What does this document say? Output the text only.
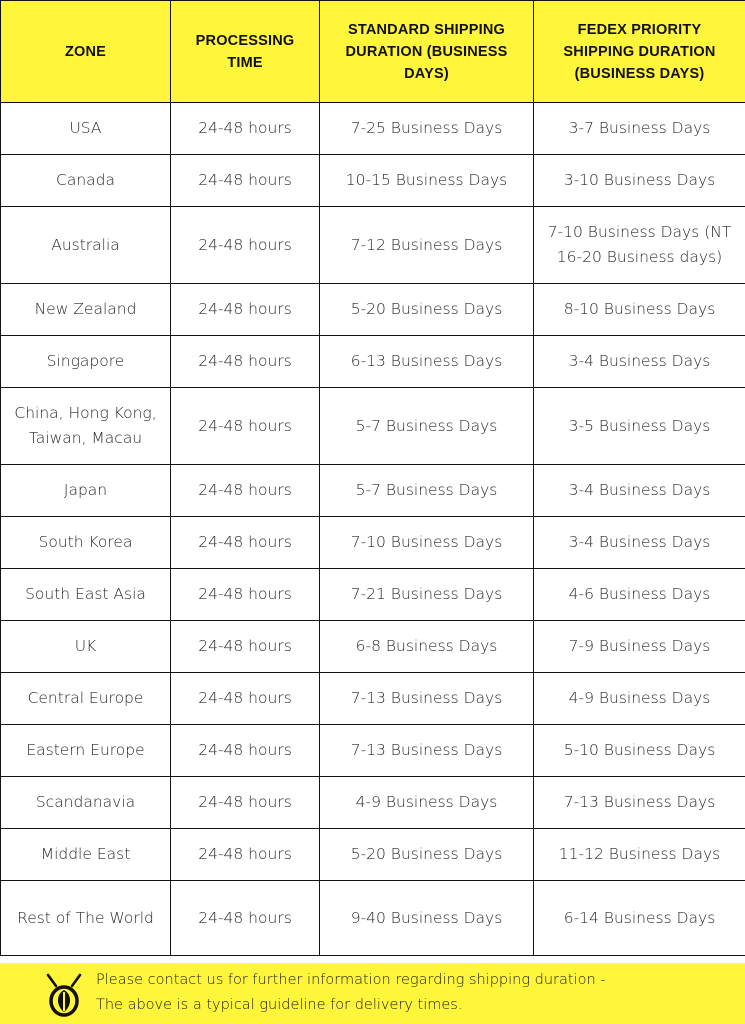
ZONE	PROCESSING TIME	STANDARD SHIPPING DURATION (BUSINESS DAYS)	FEDEX PRIORITY SHIPPING DURATION (BUSINESS DAYS)
USA	24-48 hours	7-25 Business Days	3-7 Business Days
Canada	24-48 hours	10-15 Business Days	3-10 Business Days
Australia	24-48 hours	7-12 Business Days	7-10 Business Days (NT 16-20 Business days)
New Zealand	24-48 hours	5-20 Business Days	8-10 Business Days
Singapore	24-48 hours	6-13 Business Days	3-4 Business Days
China, Hong Kong, Taiwan, Macau	24-48 hours	5-7 Business Days	3-5 Business Days
Japan	24-48 hours	5-7 Business Days	3-4 Business Days
South Korea	24-48 hours	7-10 Business Days	3-4 Business Days
South East Asia	24-48 hours	7-21 Business Days	4-6 Business Days
UK	24-48 hours	6-8 Business Days	7-9 Business Days
Central Europe	24-48 hours	7-13 Business Days	4-9 Business Days
Eastern Europe	24-48 hours	7-13 Business Days	5-10 Business Days
Scandanavia	24-48 hours	4-9 Business Days	7-13 Business Days
Middle East	24-48 hours	5-20 Business Days	11-12 Business Days
Rest of The World	24-48 hours	9-40 Business Days	6-14 Business Days
Please contact us for further information regarding shipping duration -
The above is a typical guideline for delivery times.
